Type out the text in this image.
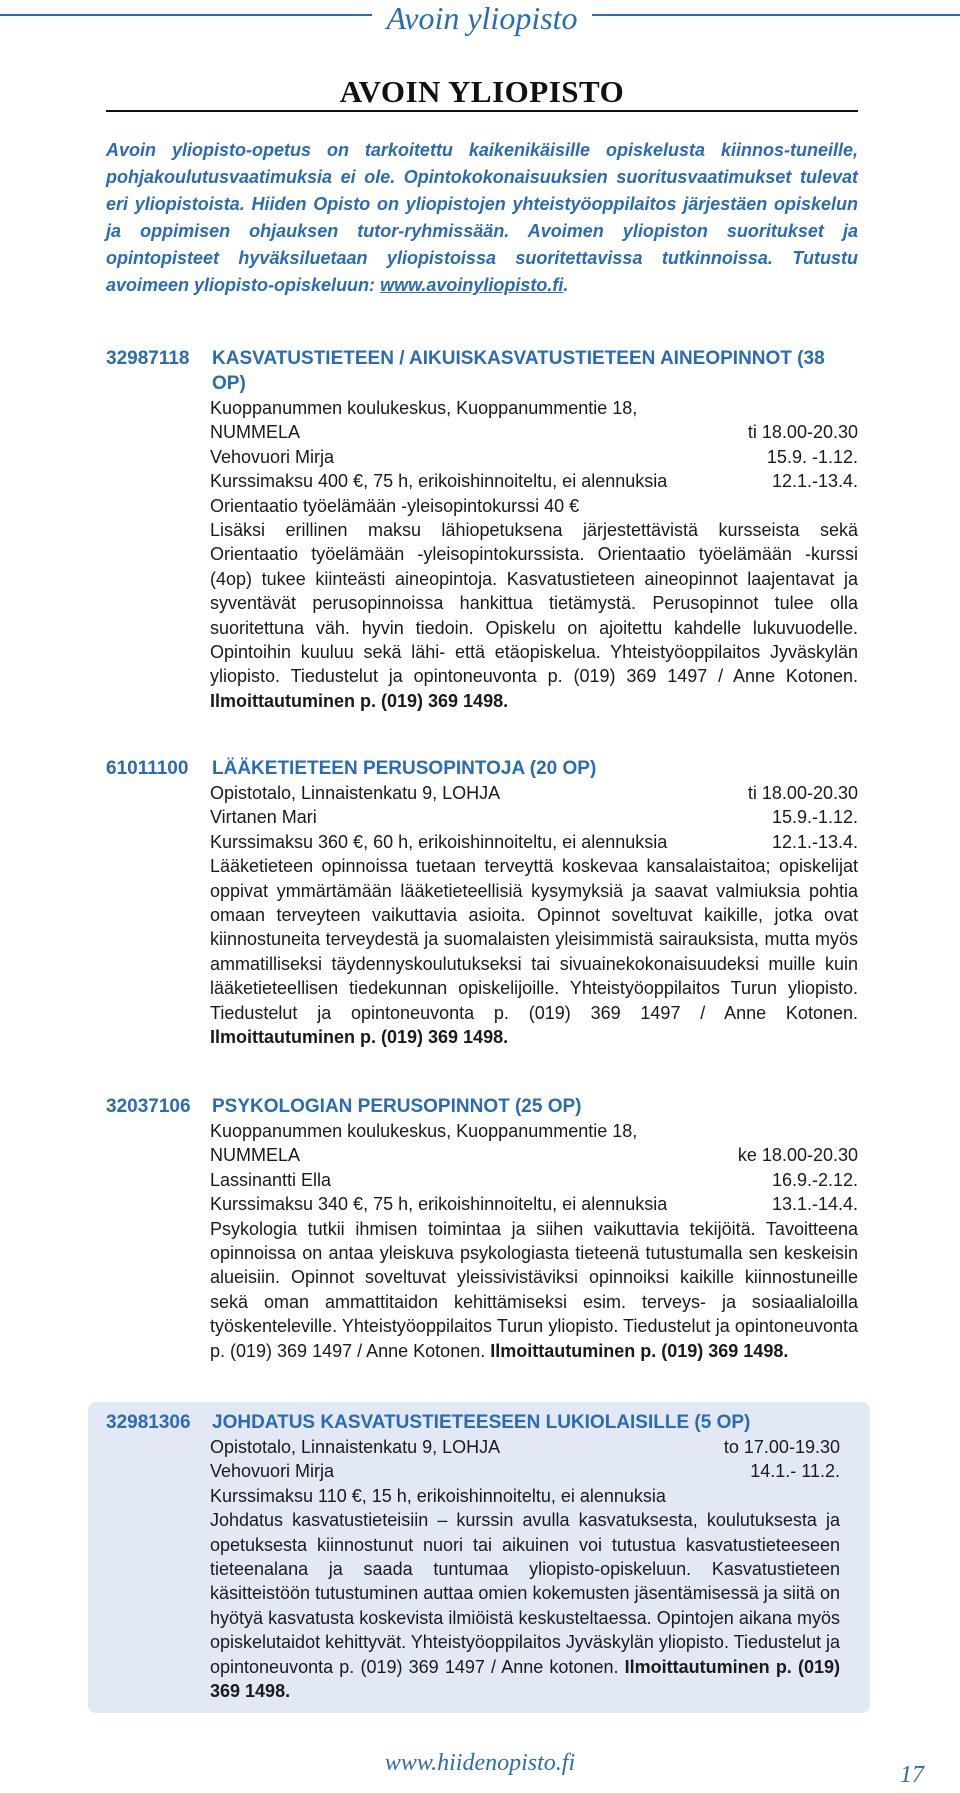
Avoin yliopisto
AVOIN YLIOPISTO

Avoin yliopisto-opetus on tarkoitettu kaikenikäisille opiskelusta kiinnos-tuneille, pohjakoulutusvaatimuksia ei ole. Opintokokonaisuuksien suoritusvaatimukset tulevat eri yliopistoista. Hiiden Opisto on yliopistojen yhteistyöoppilaitos järjestäen opiskelun ja oppimisen ohjauksen tutor-ryhmissään. Avoimen yliopiston suoritukset ja opintopisteet hyväksiluetaan yliopistoissa suoritettavissa tutkinnoissa. Tutustu avoimeen yliopisto-opiskeluun: www.avoinyliopisto.fi.

32987118	KASVATUSTIETEEN / AIKUISKASVATUSTIETEEN AINEOPINNOT (38 OP)
Kuoppanummen koulukeskus, Kuoppanummentie 18,
NUMMELA	ti 18.00-20.30
Vehovuori Mirja	15.9. -1.12.
Kurssimaksu 400 €, 75 h, erikoishinnoiteltu, ei alennuksia	12.1.-13.4.
Orientaatio työelämään -yleisopintokurssi 40 €

Lisäksi erillinen maksu lähiopetuksena järjestettävistä kursseista sekä Orientaatio työelämään -yleisopintokurssista. Orientaatio työelämään -kurssi (4op) tukee kiinteästi aineopintoja. Kasvatustieteen aineopinnot laajentavat ja syventävät perusopinnoissa hankittua tietämystä. Perusopinnot tulee olla suoritettuna väh. hyvin tiedoin. Opiskelu on ajoitettu kahdelle lukuvuodelle. Opintoihin kuuluu sekä lähi- että etäopiskelua. Yhteistyöoppilaitos Jyväskylän yliopisto. Tiedustelut ja opintoneuvonta p. (019) 369 1497 / Anne Kotonen. Ilmoittautuminen p. (019) 369 1498.

61011100	LÄÄKETIETEEN PERUSOPINTOJA (20 OP)
Opistotalo, Linnaistenkatu 9, LOHJA	ti 18.00-20.30
Virtanen Mari	15.9.-1.12.
Kurssimaksu 360 €, 60 h, erikoishinnoiteltu, ei alennuksia	12.1.-13.4.

Lääketieteen opinnoissa tuetaan terveyttä koskevaa kansalaistaitoa; opiskelijat oppivat ymmärtämään lääketieteellisiä kysymyksiä ja saavat valmiuksia pohtia omaan terveyteen vaikuttavia asioita. Opinnot soveltuvat kaikille, jotka ovat kiinnostuneita terveydestä ja suomalaisten yleisimmistä sairauksista, mutta myös ammatilliseksi täydennyskoulutukseksi tai sivuainekokonaisuudeksi muille kuin lääketieteellisen tiedekunnan opiskelijoille. Yhteistyöoppilaitos Turun yliopisto. Tiedustelut ja opintoneuvonta p. (019) 369 1497 / Anne Kotonen. Ilmoittautuminen p. (019) 369 1498.

32037106	PSYKOLOGIAN PERUSOPINNOT (25 OP)
Kuoppanummen koulukeskus, Kuoppanummentie 18,
NUMMELA	ke 18.00-20.30
Lassinantti Ella	16.9.-2.12.
Kurssimaksu 340 €, 75 h, erikoishinnoiteltu, ei alennuksia	13.1.-14.4.

Psykologia tutkii ihmisen toimintaa ja siihen vaikuttavia tekijöitä. Tavoitteena opinnoissa on antaa yleiskuva psykologiasta tieteenä tutustumalla sen keskeisin alueisiin. Opinnot soveltuvat yleissivistäviksi opinnoiksi kaikille kiinnostuneille sekä oman ammattitaidon kehittämiseksi esim. terveys- ja sosiaalialoilla työskenteleville. Yhteistyöoppilaitos Turun yliopisto. Tiedustelut ja opintoneuvonta p. (019) 369 1497 / Anne Kotonen. Ilmoittautuminen p. (019) 369 1498.

32981306	JOHDATUS KASVATUSTIETEESEEN LUKIOLAISILLE (5 OP)
Opistotalo, Linnaistenkatu 9, LOHJA	to 17.00-19.30
Vehovuori Mirja	14.1.- 11.2.
Kurssimaksu 110 €, 15 h, erikoishinnoiteltu, ei alennuksia

Johdatus kasvatustieteisiin – kurssin avulla kasvatuksesta, koulutuksesta ja opetuksesta kiinnostunut nuori tai aikuinen voi tutustua kasvatustieteeseen tieteenalana ja saada tuntumaa yliopisto-opiskeluun. Kasvatustieteen käsitteistöön tutustuminen auttaa omien kokemusten jäsentämisessä ja siitä on hyötyä kasvatusta koskevista ilmiöistä keskusteltaessa. Opintojen aikana myös opiskelutaidot kehittyvät. Yhteistyöoppilaitos Jyväskylän yliopisto. Tiedustelut ja opintoneuvonta p. (019) 369 1497 / Anne kotonen. Ilmoittautuminen p. (019) 369 1498.

www.hiidenopisto.fi	17
